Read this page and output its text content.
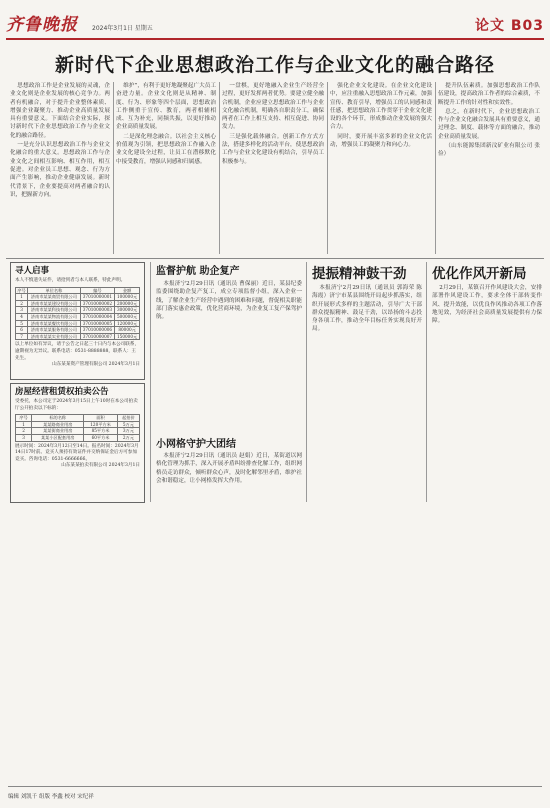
齐鲁晚报 2024年3月1日 星期五	论文 B03
新时代下企业思想政治工作与企业文化的融合路径

思想政治工作是企业发展的灵魂，企业文化则是企业发展的核心竞争力。两者有机融合，对于提升企业整体素质、增强企业凝聚力、推动企业高质量发展具有重要意义。下面结合企业实际，探讨新时代下企业思想政治工作与企业文化的融合路径。

一是充分认识思想政治工作与企业文化融合的重大意义。思想政治工作与企业文化之间相互影响、相互作用，相互促进。对企业员工思想、观念、行为方面产生影响，推动企业健康发展。新时代背景下，企业要提高对两者融合的认识，把握新方向。

维护”，有利于更好地凝聚起广大员工奋进力量。企业文化则是从精神、制度、行为、形象等四个层面，思想政治工作侧重于宣传、教育，两者相辅相成、互为补充，同频共振，以更好推动企业高质量发展。

二是深化理念融合。以社会主义核心价值观为引领，把思想政治工作融入企业文化建设全过程，让员工在潜移默化中接受教育，增强认同感和归属感。

一盘棋，更好地融入企业生产经营全过程，更好发挥两者优势。要建立健全融合机制，企业应建立思想政治工作与企业文化融合机制，明确各自职责分工，确保两者在工作上相互支持、相互促进、协同发力。

三是强化载体融合。创新工作方式方法，搭建多样化的活动平台，使思想政治工作与企业文化建设有机结合，引导员工积极参与。

强化企业文化建设。在企业文化建设中，应注重融入思想政治工作元素，加强宣传、教育引导，增强员工的认同感和责任感，把思想政治工作贯穿于企业文化建设的各个环节，形成推动企业发展的强大合力。

同时，要开展丰富多彩的企业文化活动，增强员工的凝聚力和向心力。

提升队伍素质。加强思想政治工作队伍建设，提高政治工作者的综合素质，不断提升工作的针对性和实效性。

总之，在新时代下，企业思想政治工作与企业文化融合发展具有重要意义，通过理念、制度、载体等方面的融合，推动企业高质量发展。

（山东能源集团新汶矿业有限公司 张俭）

寻人启事
本人不慎遗失证件，请拾到者与本人联系，特此声明。
序号	单位名称	编号	金额
1	济南市某某商贸有限公司	37010000001	100000元
2	济南市某某建设有限公司	37010000002	200000元
3	济南市某某科技有限公司	37010000003	300000元
4	济南市某某物流有限公司	37010000004	500000元
5	济南市某某餐饮有限公司	37010000005	120000元
6	济南市某某服务有限公司	37010000006	80000元
7	济南市某某实业有限公司	37010000007	150000元
以上单位如有异议，请于公告之日起三十日内与本公司联系，逾期视为无异议。联系电话：0531-8888888，联系人：王先生。
山东某某资产管理有限公司 2024年3月1日
房屋经营租赁权拍卖公告
受委托，本公司定于2024年3月15日上午10时在本公司拍卖厅公开拍卖以下标的：
序号	标的名称	面积	起拍价
1	某某路商业用房	120平方米	5万元
2	某某街商业用房	85平方米	3万元
3	某某小区配套用房	60平方米	2万元
展示时间：2024年3月12日至14日。报名时间：2024年3月14日17时前。竞买人须持有效证件并交纳保证金后方可参加竞买。咨询电话：0531-6666666。
山东某某拍卖有限公司 2024年3月1日
监督护航 助企复产

本报济宁2月29日讯（通讯员 曹保丽）近日，某县纪委监委围绕助企复产复工，成立专项监督小组，深入企业一线，了解企业生产经营中遇到的困难和问题，督促相关职能部门落实惠企政策，优化营商环境，为企业复工复产保驾护航。

小网格守护大团结

本报济宁2月29日讯（通讯员 赵娟）近日，某街道以网格化管理为抓手，深入开展矛盾纠纷排查化解工作，组织网格员走访群众，倾听群众心声，及时化解邻里矛盾，维护社会和谐稳定，让小网格发挥大作用。

提振精神鼓干劲

本报济宁2月29日讯（通讯员 郭海荣 陈海霞）济宁市某县围绕开局起步抓落实，组织开展形式多样的主题活动，引导广大干部群众提振精神、鼓足干劲，以昂扬的斗志投身各项工作，推动全年目标任务实现良好开局。

优化作风开新局

2月29日，某镇召开作风建设大会，安排部署作风建设工作，要求全体干部转变作风、提升效能，以优良作风推动各项工作落地见效，为经济社会高质量发展提供有力保障。

编辑 刘凯千 组版 李鑫 校对 宋纪祥
